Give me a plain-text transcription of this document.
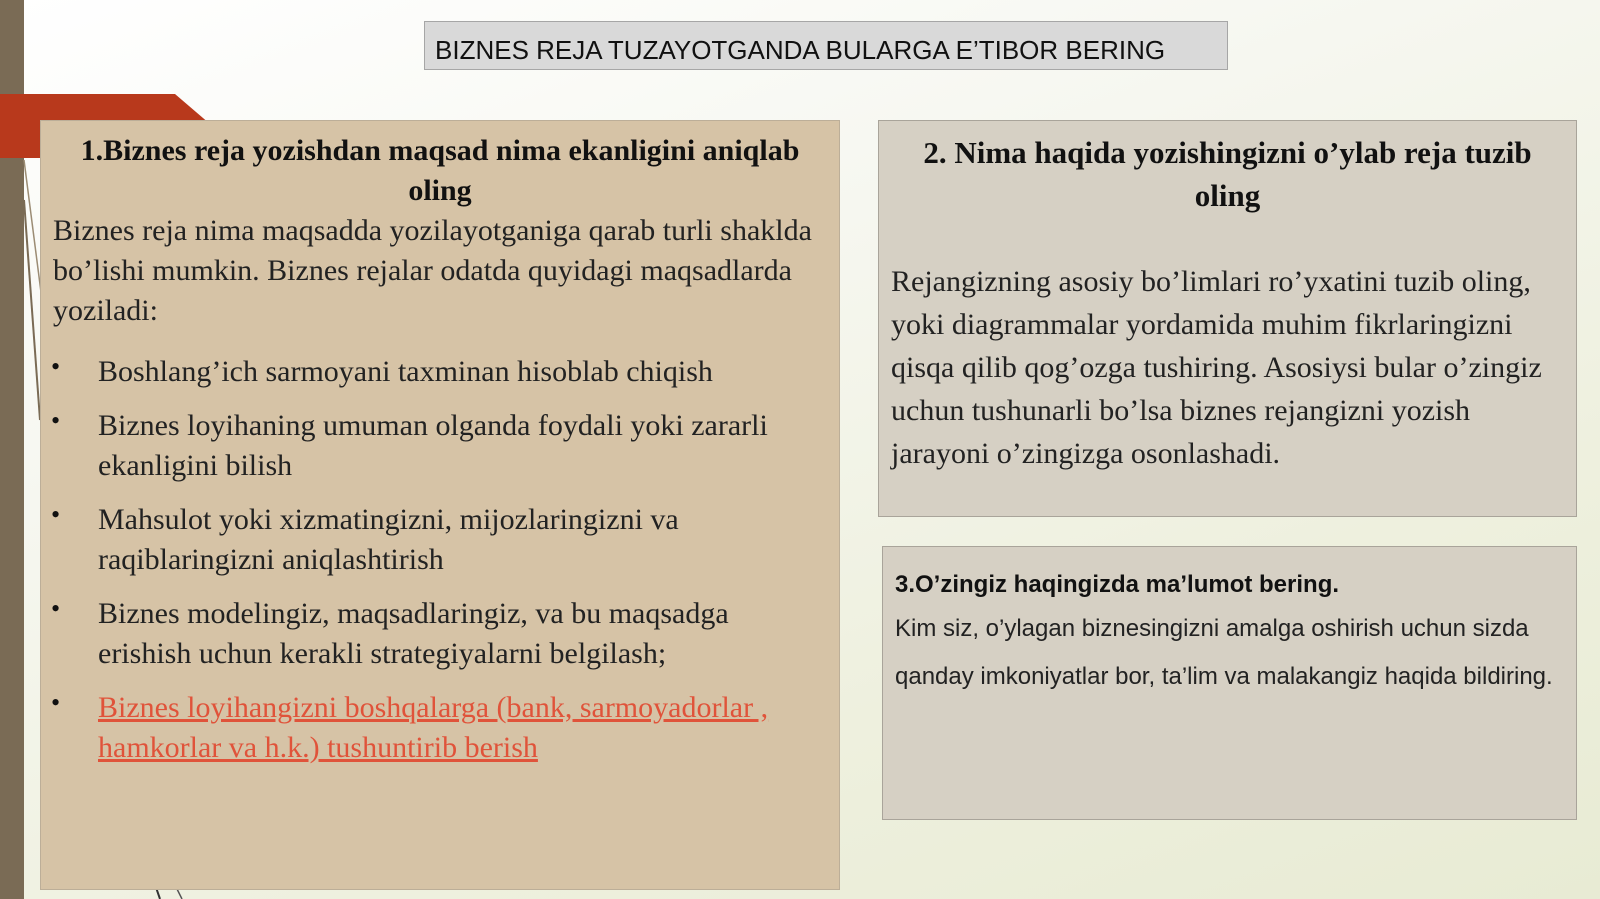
BIZNES REJA TUZAYOTGANDA BULARGA E’TIBOR BERING
1.Biznes reja yozishdan maqsad nima ekanligini aniqlab oling
Biznes reja nima maqsadda yozilayotganiga qarab turli shaklda bo’lishi mumkin. Biznes rejalar odatda quyidagi maqsadlarda yoziladi:
• Boshlang’ich sarmoyani taxminan hisoblab chiqish
• Biznes loyihaning umuman olganda foydali yoki zararli ekanligini bilish
• Mahsulot yoki xizmatingizni, mijozlaringizni va raqiblaringizni aniqlashtirish
• Biznes modelingiz, maqsadlaringiz, va bu maqsadga erishish uchun kerakli strategiyalarni belgilash;
• Biznes loyihangizni boshqalarga (bank, sarmoyadorlar , hamkorlar va h.k.) tushuntirib berish
2. Nima haqida yozishingizni o’ylab reja tuzib oling

Rejangizning asosiy bo’limlari ro’yxatini tuzib oling, yoki diagrammalar yordamida muhim fikrlaringizni qisqa qilib qog’ozga tushiring. Asosiysi bular o’zingiz uchun tushunarli bo’lsa biznes rejangizni yozish jarayoni o’zingizga osonlashadi.

3.O’zingiz haqingizda ma’lumot bering.

Kim siz, o’ylagan biznesingizni amalga oshirish uchun sizda qanday imkoniyatlar bor, ta’lim va malakangiz haqida bildiring.
